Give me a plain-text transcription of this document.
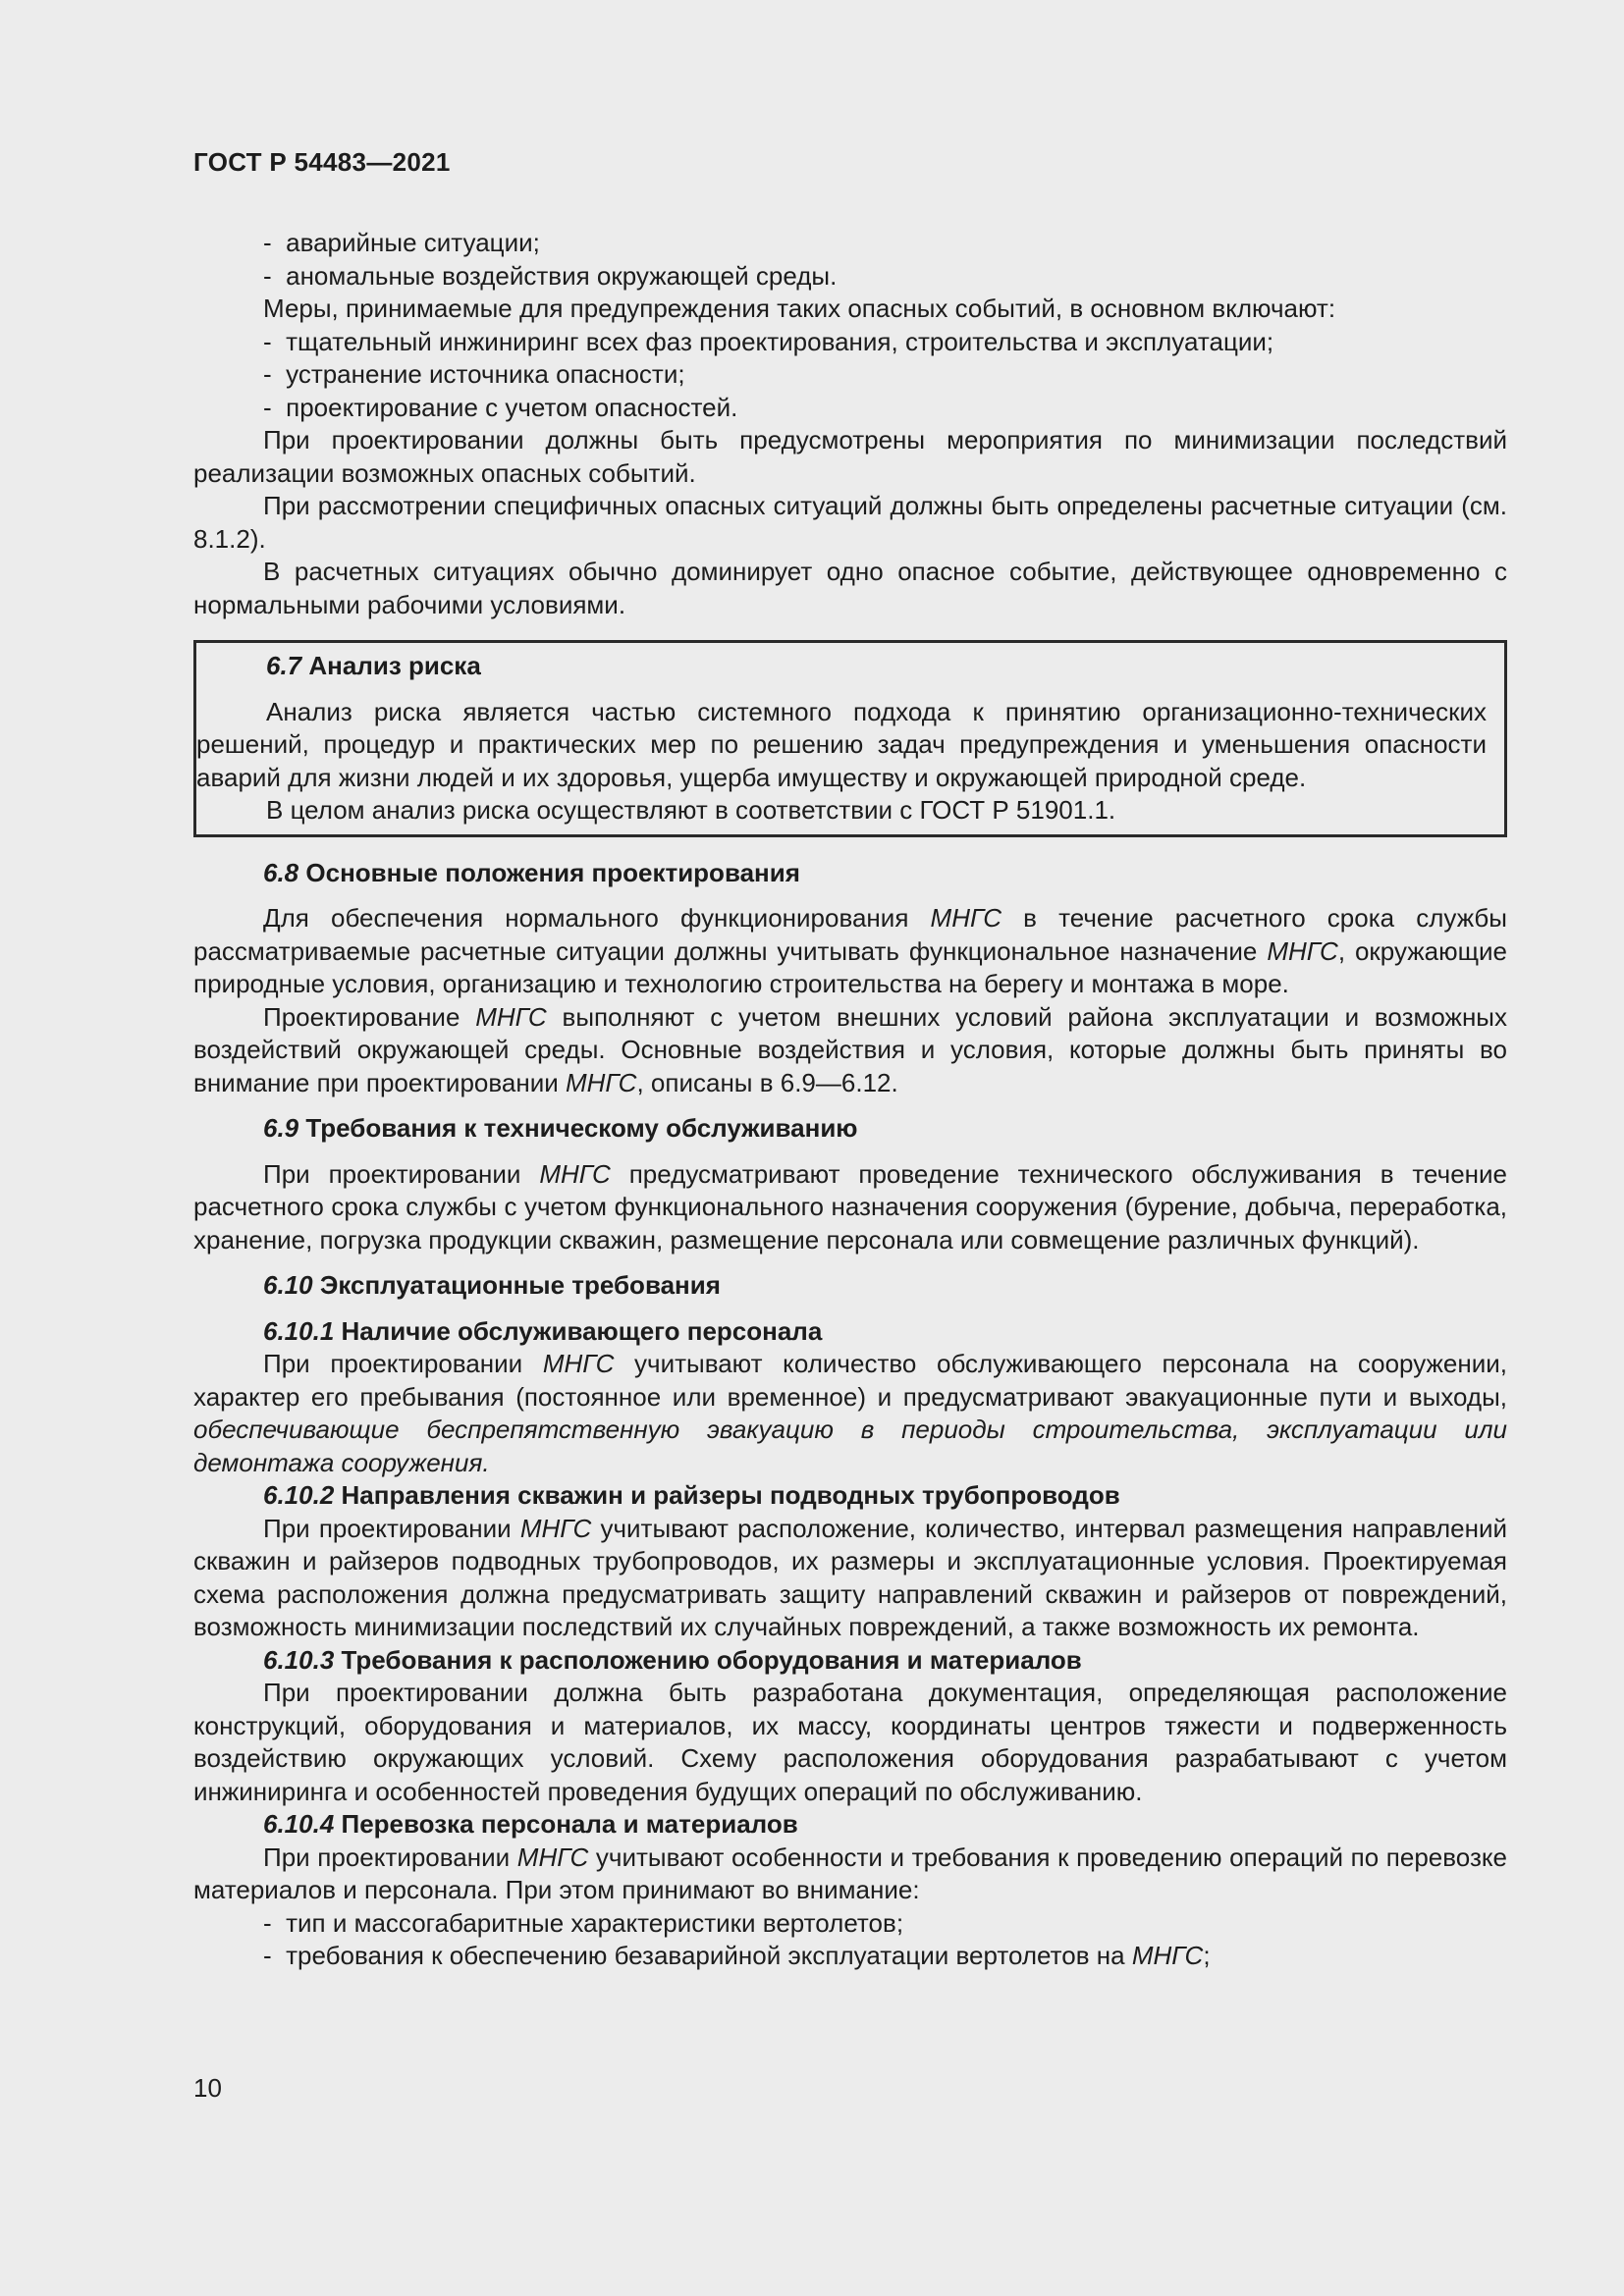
ГОСТ Р 54483—2021

-  аварийные ситуации;

-  аномальные воздействия окружающей среды.

Меры, принимаемые для предупреждения таких опасных событий, в основном включают:

-  тщательный инжиниринг всех фаз проектирования, строительства и эксплуатации;

-  устранение источника опасности;

-  проектирование с учетом опасностей.

При проектировании должны быть предусмотрены мероприятия по минимизации последствий реализации возможных опасных событий.

При рассмотрении специфичных опасных ситуаций должны быть определены расчетные ситуации (см. 8.1.2).

В расчетных ситуациях обычно доминирует одно опасное событие, действующее одновременно с нормальными рабочими условиями.

6.7 Анализ риска

Анализ риска является частью системного подхода к принятию организационно-технических решений, процедур и практических мер по решению задач предупреждения и уменьшения опасности аварий для жизни людей и их здоровья, ущерба имуществу и окружающей природной среде.

В целом анализ риска осуществляют в соответствии с ГОСТ Р 51901.1.

6.8 Основные положения проектирования

Для обеспечения нормального функционирования МНГС в течение расчетного срока службы рассматриваемые расчетные ситуации должны учитывать функциональное назначение МНГС, окружающие природные условия, организацию и технологию строительства на берегу и монтажа в море.

Проектирование МНГС выполняют с учетом внешних условий района эксплуатации и возможных воздействий окружающей среды. Основные воздействия и условия, которые должны быть приняты во внимание при проектировании МНГС, описаны в 6.9—6.12.

6.9 Требования к техническому обслуживанию

При проектировании МНГС предусматривают проведение технического обслуживания в течение расчетного срока службы с учетом функционального назначения сооружения (бурение, добыча, переработка, хранение, погрузка продукции скважин, размещение персонала или совмещение различных функций).

6.10 Эксплуатационные требования
6.10.1 Наличие обслуживающего персонала

При проектировании МНГС учитывают количество обслуживающего персонала на сооружении, характер его пребывания (постоянное или временное) и предусматривают эвакуационные пути и выходы, обеспечивающие беспрепятственную эвакуацию в периоды строительства, эксплуатации или демонтажа сооружения.

6.10.2 Направления скважин и райзеры подводных трубопроводов

При проектировании МНГС учитывают расположение, количество, интервал размещения направлений скважин и райзеров подводных трубопроводов, их размеры и эксплуатационные условия. Проектируемая схема расположения должна предусматривать защиту направлений скважин и райзеров от повреждений, возможность минимизации последствий их случайных повреждений, а также возможность их ремонта.

6.10.3 Требования к расположению оборудования и материалов

При проектировании должна быть разработана документация, определяющая расположение конструкций, оборудования и материалов, их массу, координаты центров тяжести и подверженность воздействию окружающих условий. Схему расположения оборудования разрабатывают с учетом инжиниринга и особенностей проведения будущих операций по обслуживанию.

6.10.4 Перевозка персонала и материалов

При проектировании МНГС учитывают особенности и требования к проведению операций по перевозке материалов и персонала. При этом принимают во внимание:

-  тип и массогабаритные характеристики вертолетов;

-  требования к обеспечению безаварийной эксплуатации вертолетов на МНГС;

10
